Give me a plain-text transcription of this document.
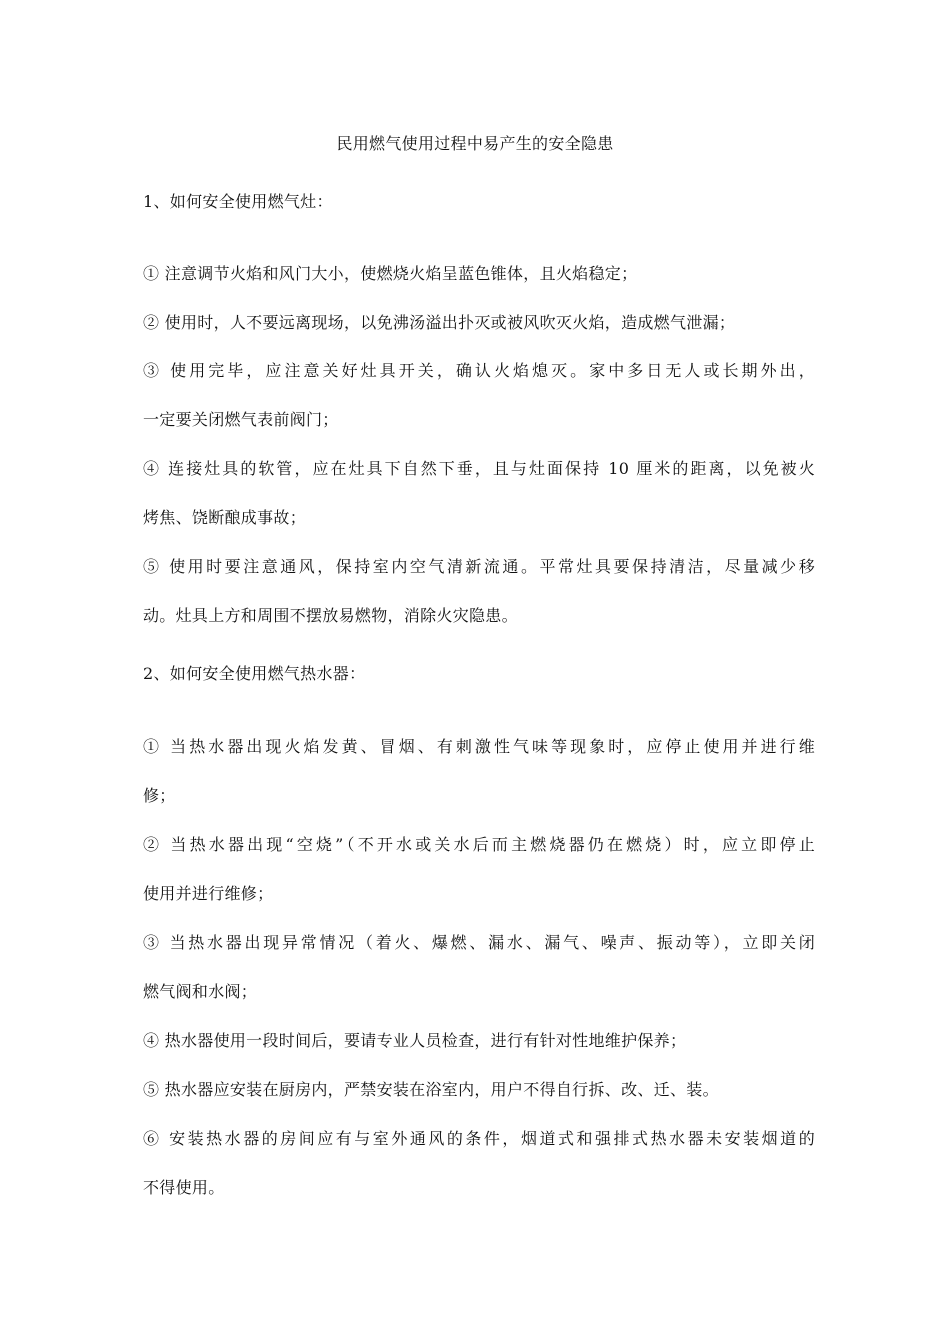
民用燃气使用过程中易产生的安全隐患
1、如何安全使用燃气灶：
① 注意调节火焰和风门大小，使燃烧火焰呈蓝色锥体，且火焰稳定；
② 使用时，人不要远离现场，以免沸汤溢出扑灭或被风吹灭火焰，造成燃气泄漏；
③ 使用完毕，应注意关好灶具开关，确认火焰熄灭。家中多日无人或长期外出，
一定要关闭燃气表前阀门；
④ 连接灶具的软管，应在灶具下自然下垂，且与灶面保持 10 厘米的距离，以免被火
烤焦、饶断酿成事故；
⑤ 使用时要注意通风，保持室内空气清新流通。平常灶具要保持清洁，尽量减少移
动。灶具上方和周围不摆放易燃物，消除火灾隐患。
2、如何安全使用燃气热水器：
① 当热水器出现火焰发黄、冒烟、有刺激性气味等现象时，应停止使用并进行维
修；
② 当热水器出现“空烧”（不开水或关水后而主燃烧器仍在燃烧）时，应立即停止
使用并进行维修；
③ 当热水器出现异常情况（着火、爆燃、漏水、漏气、噪声、振动等），立即关闭
燃气阀和水阀；
④ 热水器使用一段时间后，要请专业人员检查，进行有针对性地维护保养；
⑤ 热水器应安装在厨房内，严禁安装在浴室内，用户不得自行拆、改、迁、装。
⑥ 安装热水器的房间应有与室外通风的条件，烟道式和强排式热水器未安装烟道的
不得使用。
